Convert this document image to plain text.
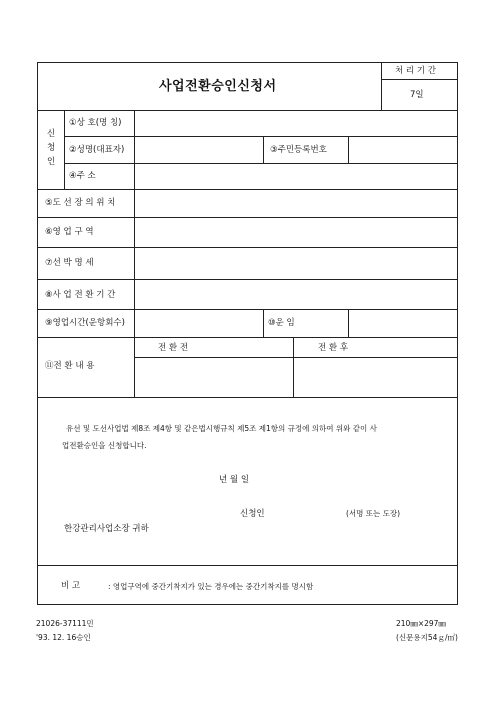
사업전환승인신청서
처 리 기 간
7일
신
청
인
①상 호(명 칭)
②성명(대표자)	③주민등록번호
④주 소
⑤도 선 장 의 위 치
⑥영 업 구 역
⑦선 박 명 세
⑧사 업 전 환 기 간
⑨영업시간(운항회수)	⑩운 임
⑪전 환 내 용
전 환 전	전 환 후
유선 및 도선사업법 제8조 제4항 및 같은법시행규칙 제5조 제1항의 규정에 의하여 위와 같이 사
업전환승인을 신청합니다.
년 월 일
신청인	(서명 또는 도장)
한강관리사업소장 귀하
비 고	: 영업구역에 중간기착지가 있는 경우에는 중간기착지를 명시함
21026-37111민
'93. 12. 16승인
210㎜×297㎜
(신문용지54ｇ/㎡)
